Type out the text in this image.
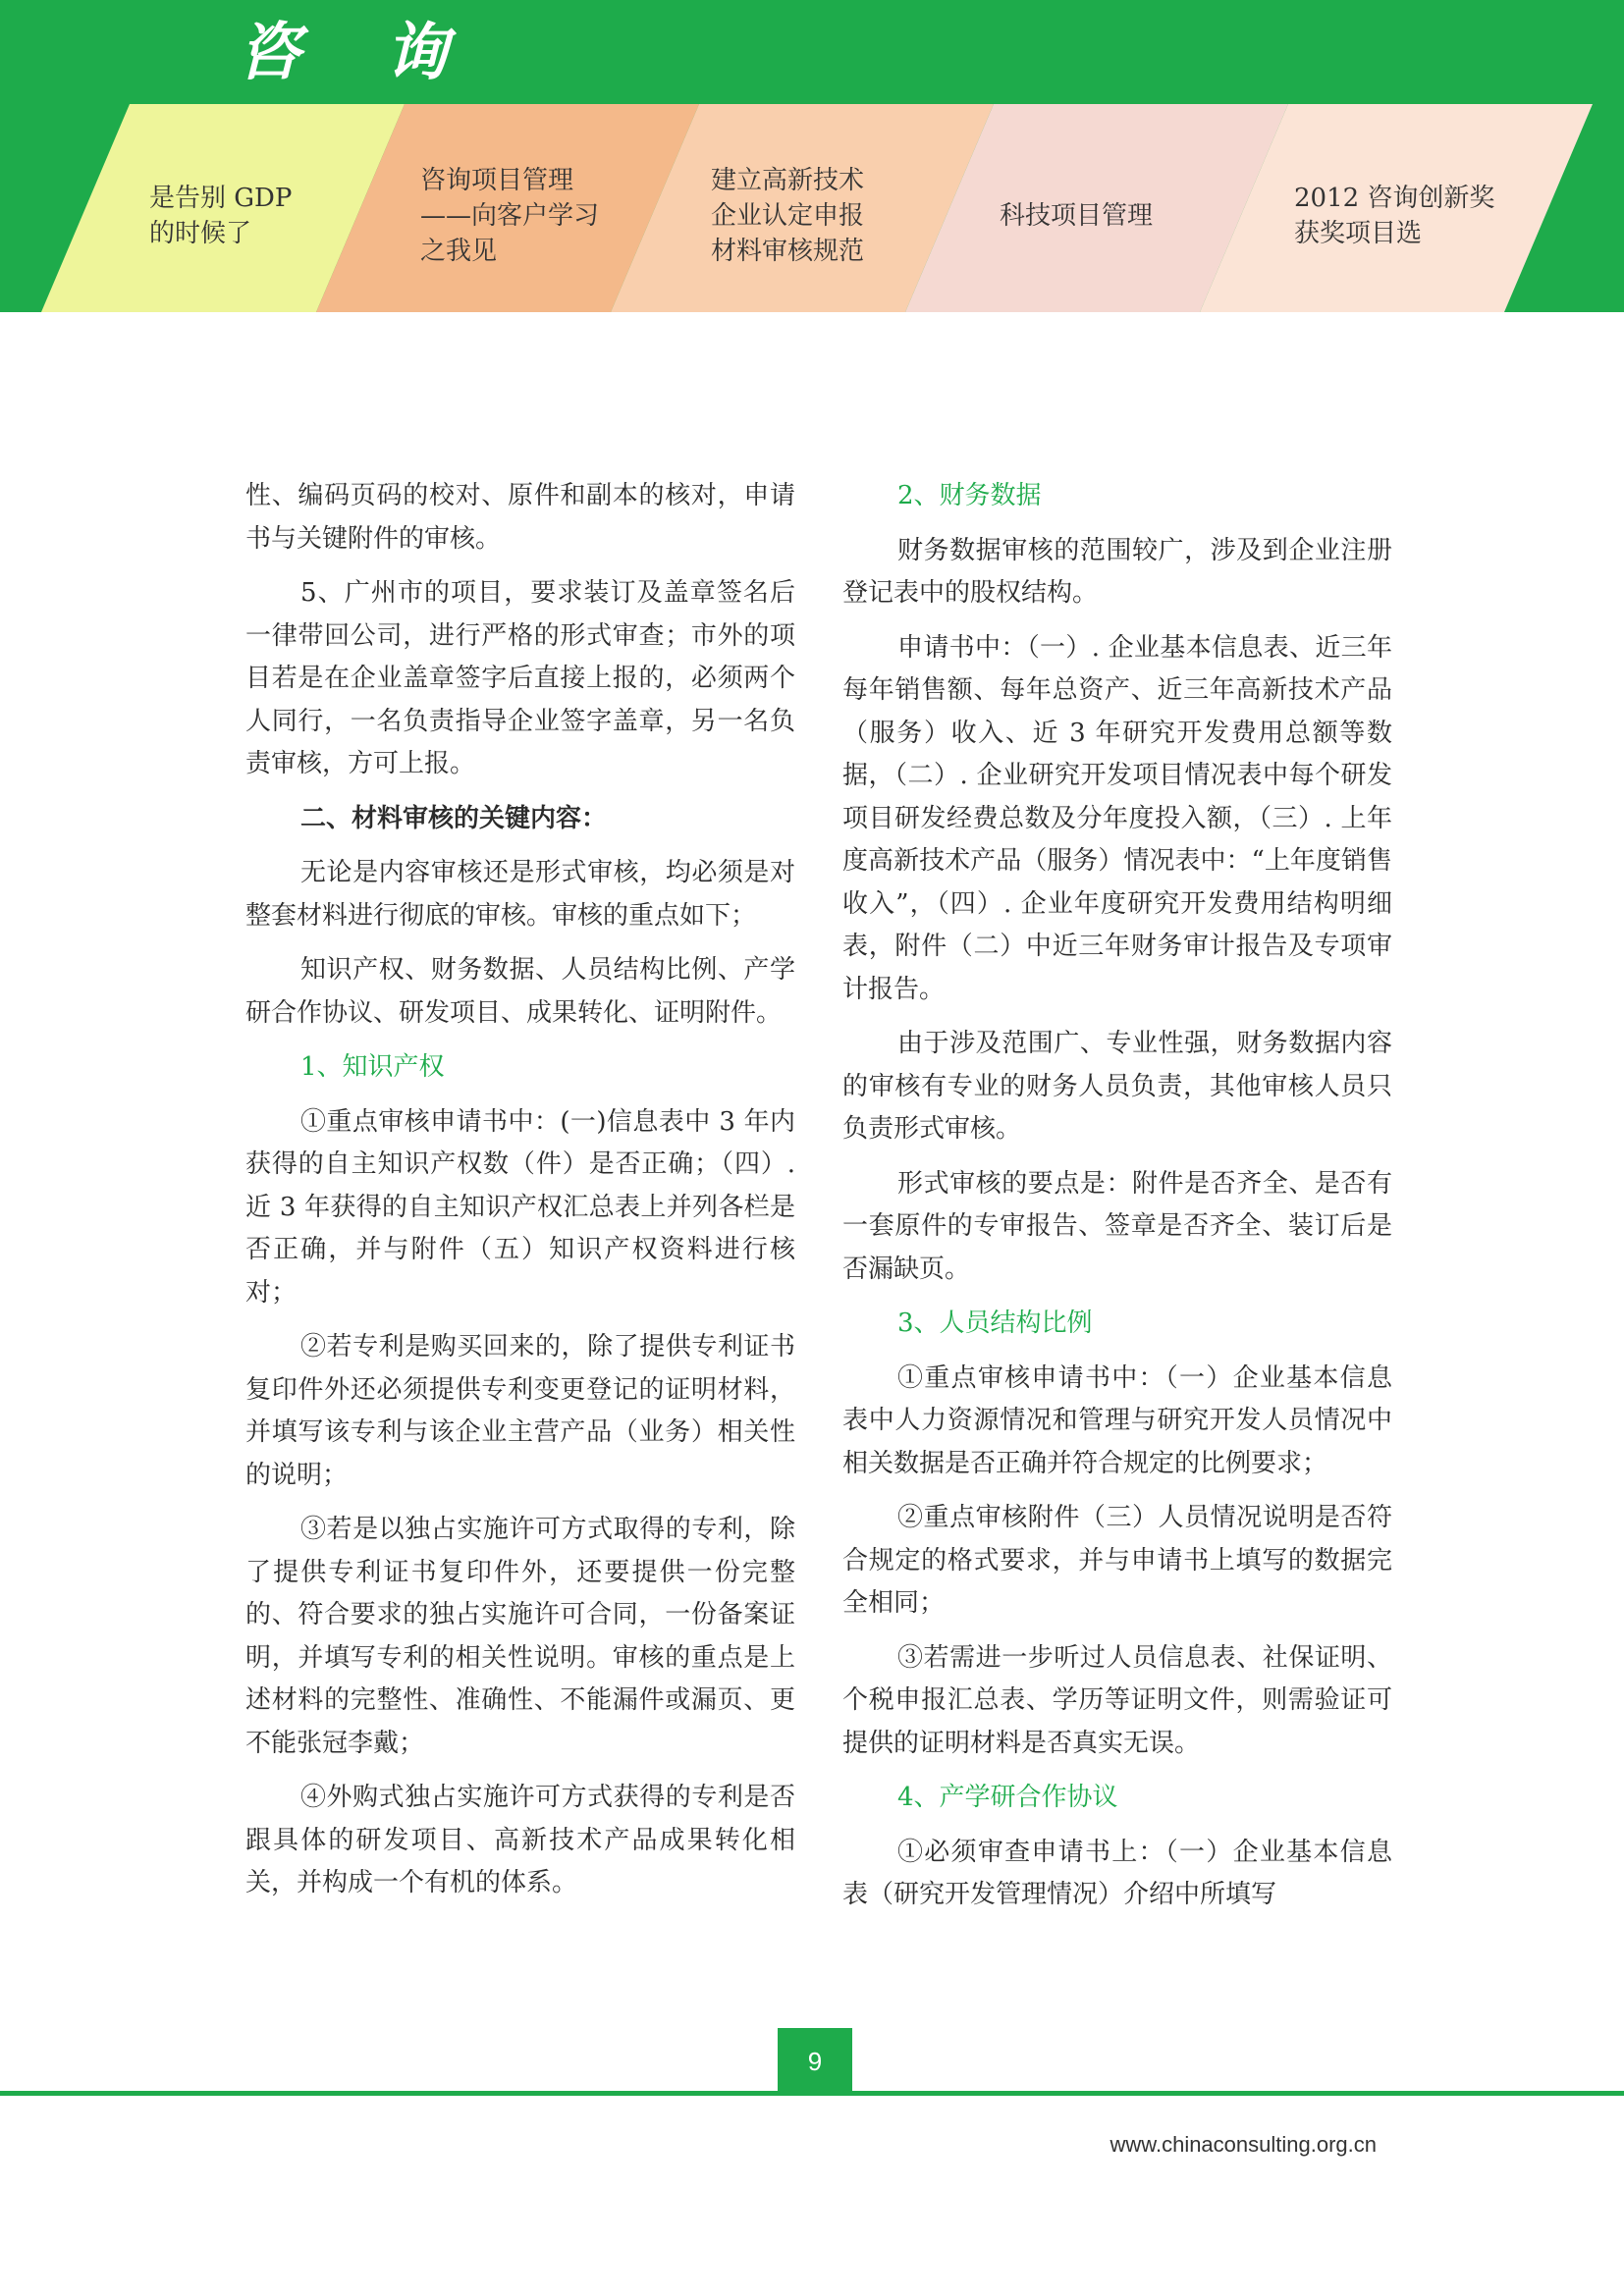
咨询
是告别 GDP
的时候了
咨询项目管理
——向客户学习
之我见
建立高新技术
企业认定申报
材料审核规范
科技项目管理
2012 咨询创新奖
获奖项目选

性、编码页码的校对、原件和副本的核对，申请书与关键附件的审核。

5、广州市的项目，要求装订及盖章签名后一律带回公司，进行严格的形式审查；市外的项目若是在企业盖章签字后直接上报的，必须两个人同行，一名负责指导企业签字盖章，另一名负责审核，方可上报。

二、材料审核的关键内容：

无论是内容审核还是形式审核，均必须是对整套材料进行彻底的审核。审核的重点如下；

知识产权、财务数据、人员结构比例、产学研合作协议、研发项目、成果转化、证明附件。

1、知识产权

①重点审核申请书中：(一)信息表中 3 年内获得的自主知识产权数（件）是否正确；（四）. 近 3 年获得的自主知识产权汇总表上并列各栏是否正确，并与附件（五）知识产权资料进行核对；

②若专利是购买回来的，除了提供专利证书复印件外还必须提供专利变更登记的证明材料，并填写该专利与该企业主营产品（业务）相关性的说明；

③若是以独占实施许可方式取得的专利，除了提供专利证书复印件外，还要提供一份完整的、符合要求的独占实施许可合同，一份备案证明，并填写专利的相关性说明。审核的重点是上述材料的完整性、准确性、不能漏件或漏页、更不能张冠李戴；

④外购式独占实施许可方式获得的专利是否跟具体的研发项目、高新技术产品成果转化相关，并构成一个有机的体系。

2、财务数据

财务数据审核的范围较广，涉及到企业注册登记表中的股权结构。

申请书中：（一）. 企业基本信息表、近三年每年销售额、每年总资产、近三年高新技术产品（服务）收入、近 3 年研究开发费用总额等数据，（二）. 企业研究开发项目情况表中每个研发项目研发经费总数及分年度投入额，（三）. 上年度高新技术产品（服务）情况表中：“上年度销售收入”，（四）. 企业年度研究开发费用结构明细表，附件（二）中近三年财务审计报告及专项审计报告。

由于涉及范围广、专业性强，财务数据内容的审核有专业的财务人员负责，其他审核人员只负责形式审核。

形式审核的要点是：附件是否齐全、是否有一套原件的专审报告、签章是否齐全、装订后是否漏缺页。

3、人员结构比例

①重点审核申请书中：（一）企业基本信息表中人力资源情况和管理与研究开发人员情况中相关数据是否正确并符合规定的比例要求；

②重点审核附件（三）人员情况说明是否符合规定的格式要求，并与申请书上填写的数据完全相同；

③若需进一步听过人员信息表、社保证明、个税申报汇总表、学历等证明文件，则需验证可提供的证明材料是否真实无误。

4、产学研合作协议

①必须审查申请书上：（一）企业基本信息表（研究开发管理情况）介绍中所填写

9
www.chinaconsulting.org.cn
